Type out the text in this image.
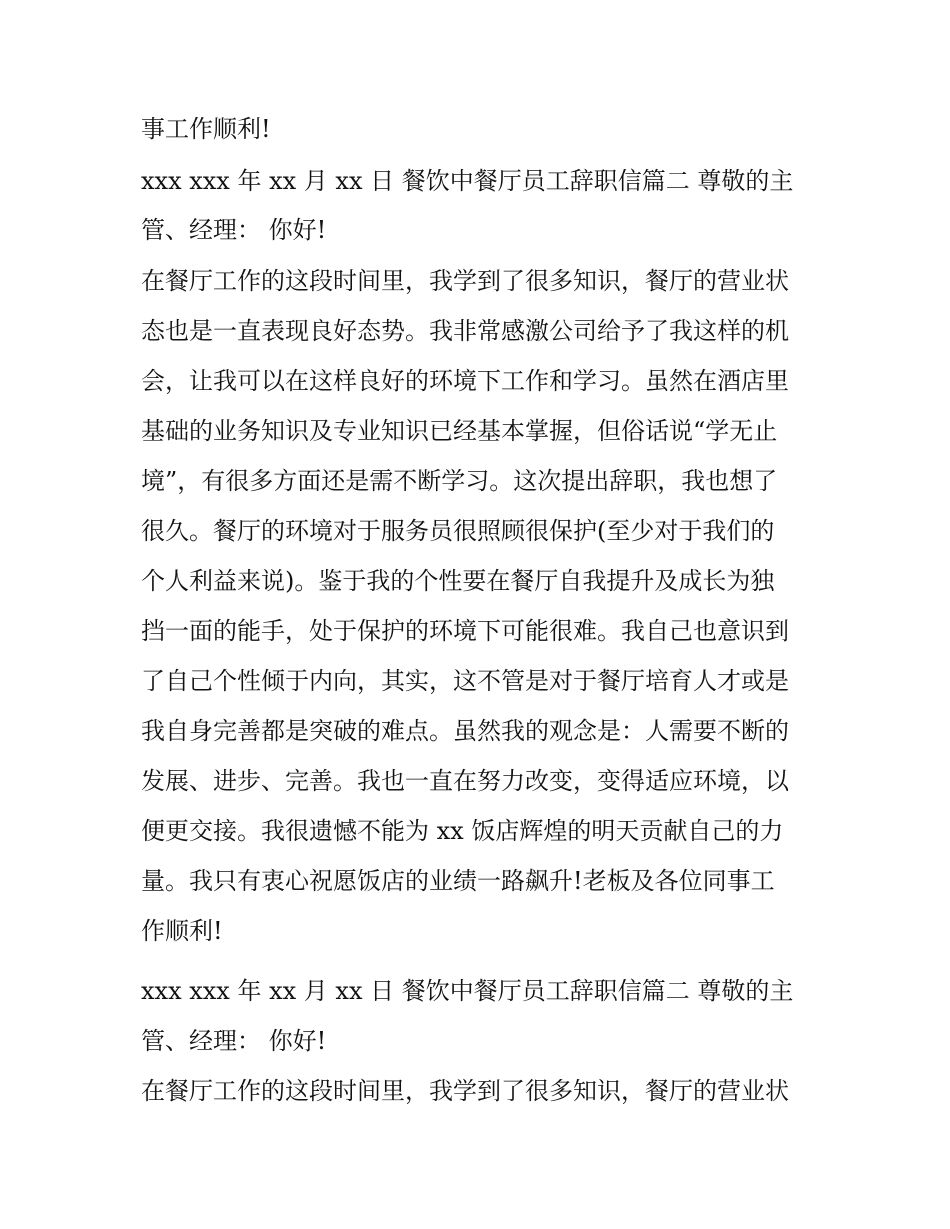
事工作顺利!
xxx xxx 年 xx 月 xx 日 餐饮中餐厅员工辞职信篇二 尊敬的主
管、经理： 你好!
在餐厅工作的这段时间里，我学到了很多知识，餐厅的营业状
态也是一直表现良好态势。我非常感激公司给予了我这样的机
会，让我可以在这样良好的环境下工作和学习。虽然在酒店里
基础的业务知识及专业知识已经基本掌握，但俗话说“学无止
境”，有很多方面还是需不断学习。这次提出辞职，我也想了
很久。餐厅的环境对于服务员很照顾很保护(至少对于我们的
个人利益来说)。鉴于我的个性要在餐厅自我提升及成长为独
挡一面的能手，处于保护的环境下可能很难。我自己也意识到
了自己个性倾于内向，其实，这不管是对于餐厅培育人才或是
我自身完善都是突破的难点。虽然我的观念是：人需要不断的
发展、进步、完善。我也一直在努力改变，变得适应环境，以
便更交接。我很遗憾不能为 xx 饭店辉煌的明天贡献自己的力
量。我只有衷心祝愿饭店的业绩一路飙升!老板及各位同事工
作顺利!
xxx xxx 年 xx 月 xx 日 餐饮中餐厅员工辞职信篇二 尊敬的主
管、经理： 你好!
在餐厅工作的这段时间里，我学到了很多知识，餐厅的营业状
